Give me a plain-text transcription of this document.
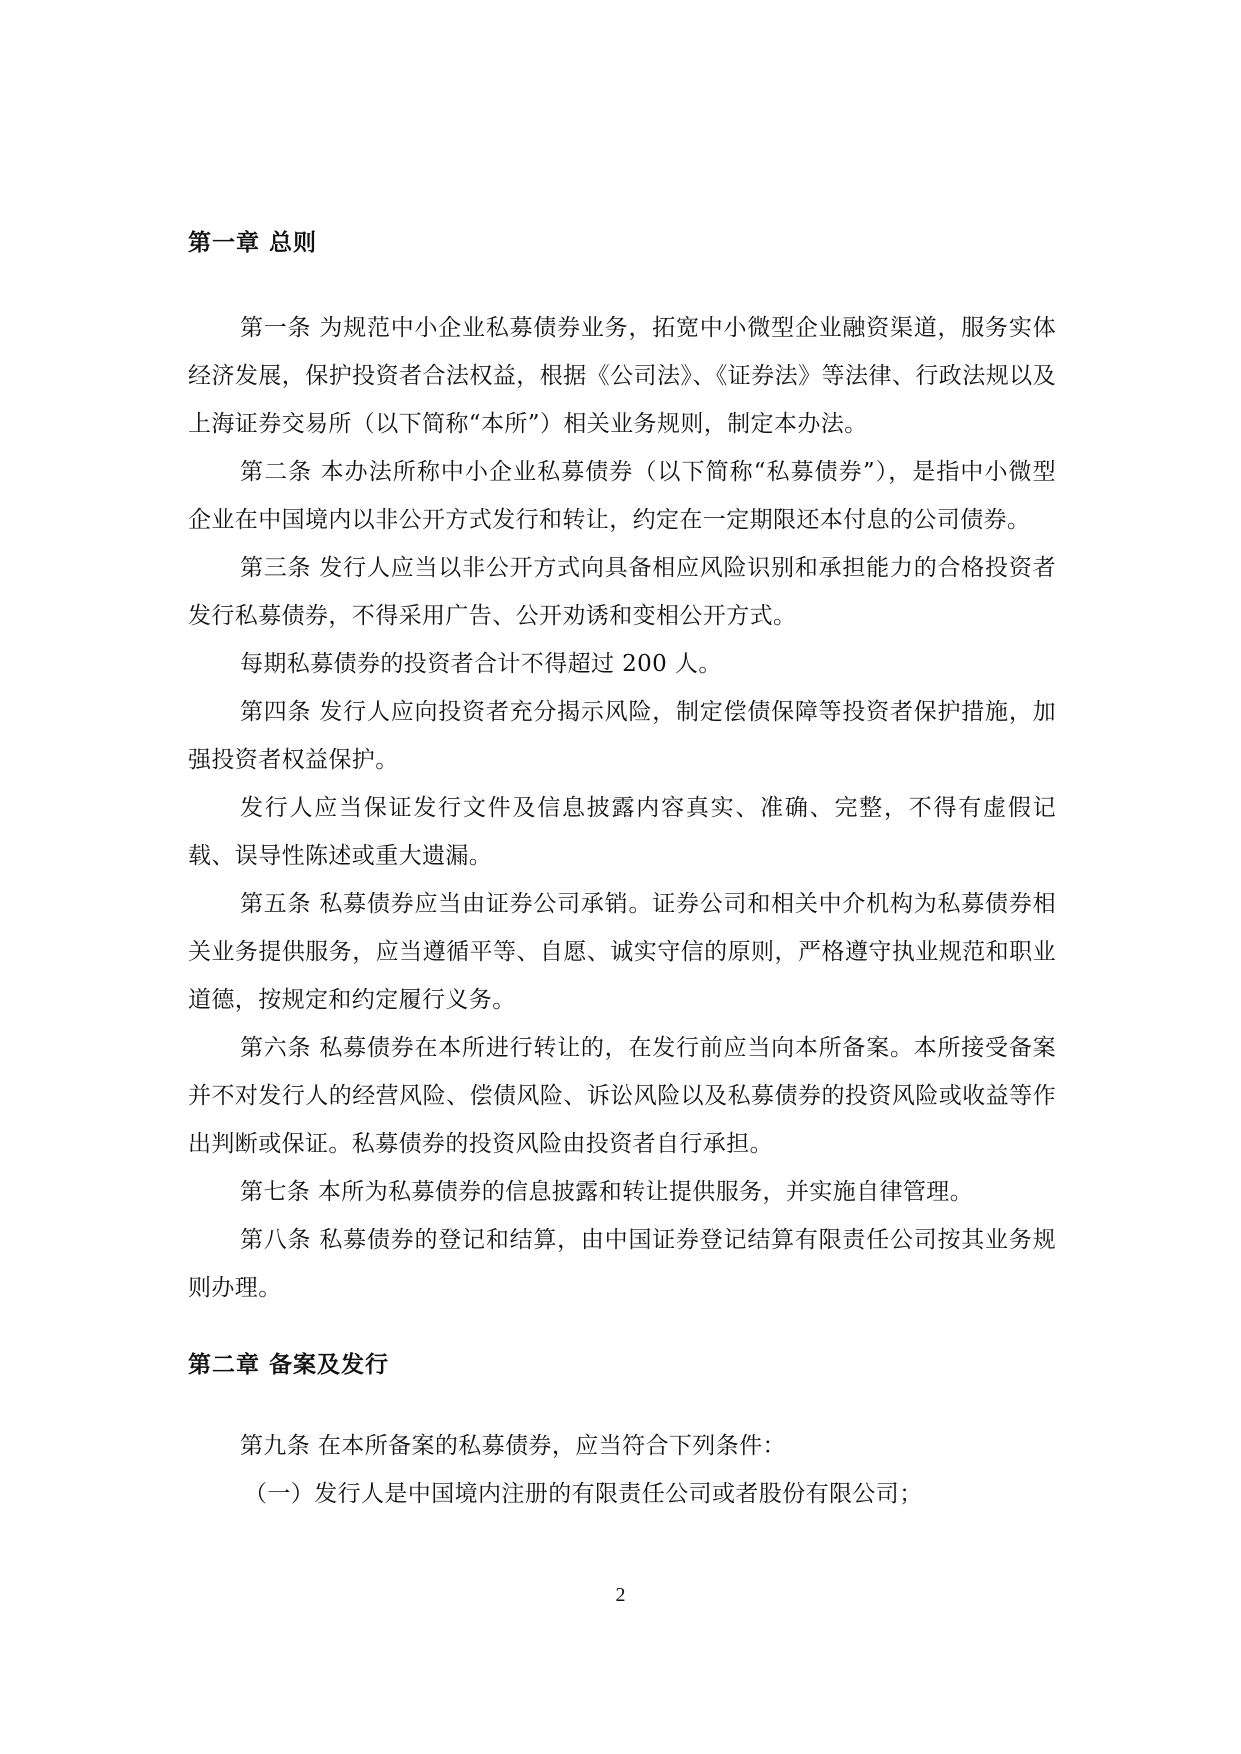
第一章 总则

第一条 为规范中小企业私募债券业务，拓宽中小微型企业融资渠道，服务实体经济发展，保护投资者合法权益，根据《公司法》、《证券法》等法律、行政法规以及上海证券交易所（以下简称“本所”）相关业务规则，制定本办法。

第二条 本办法所称中小企业私募债券（以下简称“私募债券”），是指中小微型企业在中国境内以非公开方式发行和转让，约定在一定期限还本付息的公司债券。

第三条 发行人应当以非公开方式向具备相应风险识别和承担能力的合格投资者发行私募债券，不得采用广告、公开劝诱和变相公开方式。

每期私募债券的投资者合计不得超过 200 人。

第四条 发行人应向投资者充分揭示风险，制定偿债保障等投资者保护措施，加强投资者权益保护。

发行人应当保证发行文件及信息披露内容真实、准确、完整，不得有虚假记载、误导性陈述或重大遗漏。

第五条 私募债券应当由证券公司承销。证券公司和相关中介机构为私募债券相关业务提供服务，应当遵循平等、自愿、诚实守信的原则，严格遵守执业规范和职业道德，按规定和约定履行义务。

第六条 私募债券在本所进行转让的，在发行前应当向本所备案。本所接受备案并不对发行人的经营风险、偿债风险、诉讼风险以及私募债券的投资风险或收益等作出判断或保证。私募债券的投资风险由投资者自行承担。

第七条 本所为私募债券的信息披露和转让提供服务，并实施自律管理。

第八条 私募债券的登记和结算，由中国证券登记结算有限责任公司按其业务规则办理。

第二章 备案及发行

第九条 在本所备案的私募债券，应当符合下列条件：

（一）发行人是中国境内注册的有限责任公司或者股份有限公司；

2
